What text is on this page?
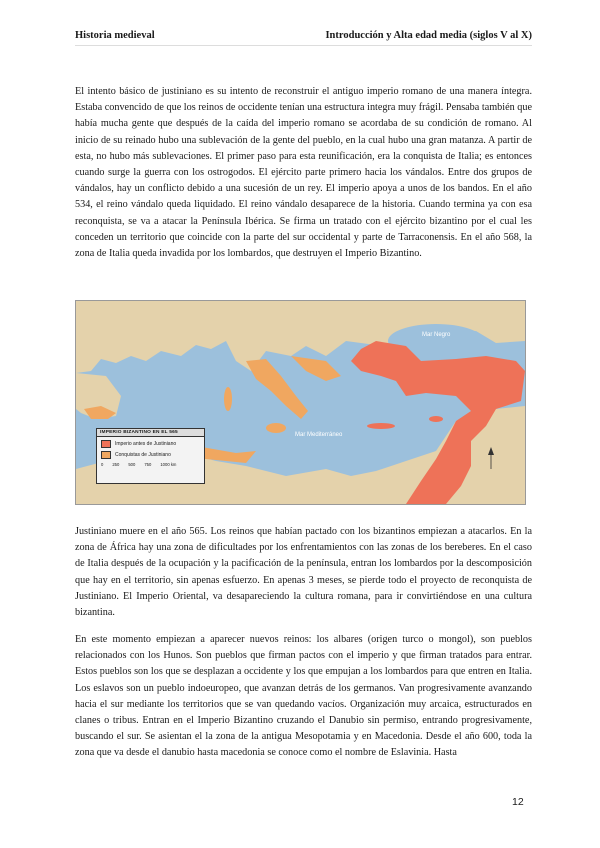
Historia medieval	Introducción y Alta edad media (siglos V al X)

El intento básico de justiniano es su intento de reconstruir el antiguo imperio romano de una manera íntegra. Estaba convencido de que los reinos de occidente tenían una estructura integra muy frágil. Pensaba también que había mucha gente que después de la caída del imperio romano se acordaba de su condición de romano. Al inicio de su reinado hubo una sublevación de la gente del pueblo, en la cual hubo una gran matanza. A partir de esta, no hubo más sublevaciones. El primer paso para esta reunificación, era la conquista de Italia; es entonces cuando surge la guerra con los ostrogodos. El ejército parte primero hacia los vándalos. Entre dos grupos de vándalos, hay un conflicto debido a una sucesión de un rey. El imperio apoya a unos de los bandos. En el año 534, el reino vándalo queda liquidado. El reino vándalo desaparece de la historia. Cuando termina ya con esa reconquista, se va a atacar la Península Ibérica. Se firma un tratado con el ejército bizantino por el cual les conceden un territorio que coincide con la parte del sur occidental y parte de Tarraconensis. En el año 568, la zona de Italia queda invadida por los lombardos, que destruyen el Imperio Bizantino.

Mar Negro
Mar Mediterráneo
IMPERIO BIZANTINO EN EL 565
Imperio antes de Justiniano
Conquistas de Justiniano
0 250 500 750 1000 km

Justiniano muere en el año 565. Los reinos que habían pactado con los bizantinos empiezan a atacarlos. En la zona de África hay una zona de dificultades por los enfrentamientos con las zonas de los bereberes. En el caso de Italia después de la ocupación y la pacificación de la península, entran los lombardos por la descomposición que hay en el territorio, sin apenas esfuerzo. En apenas 3 meses, se pierde todo el proyecto de reconquista de Justiniano. El Imperio Oriental, va desapareciendo la cultura romana, para ir convirtiéndose en una cultura bizantina.

En este momento empiezan a aparecer nuevos reinos: los albares (origen turco o mongol), son pueblos relacionados con los Hunos. Son pueblos que firman pactos con el imperio y que firman tratados para entrar. Estos pueblos son los que se desplazan a occidente y los que empujan a los lombardos para que entren en Italia. Los eslavos son un pueblo indoeuropeo, que avanzan detrás de los germanos. Van progresivamente avanzando hacia el sur mediante los territorios que se van quedando vacíos. Organización muy arcaica, estructurados en clanes o tribus. Entran en el Imperio Bizantino cruzando el Danubio sin permiso, entrando progresivamente, buscando el sur. Se asientan el la zona de la antigua Mesopotamia y en Macedonia. Desde el año 600, toda la zona que va desde el danubio hasta macedonia se conoce como el nombre de Eslavinia. Hasta

12
